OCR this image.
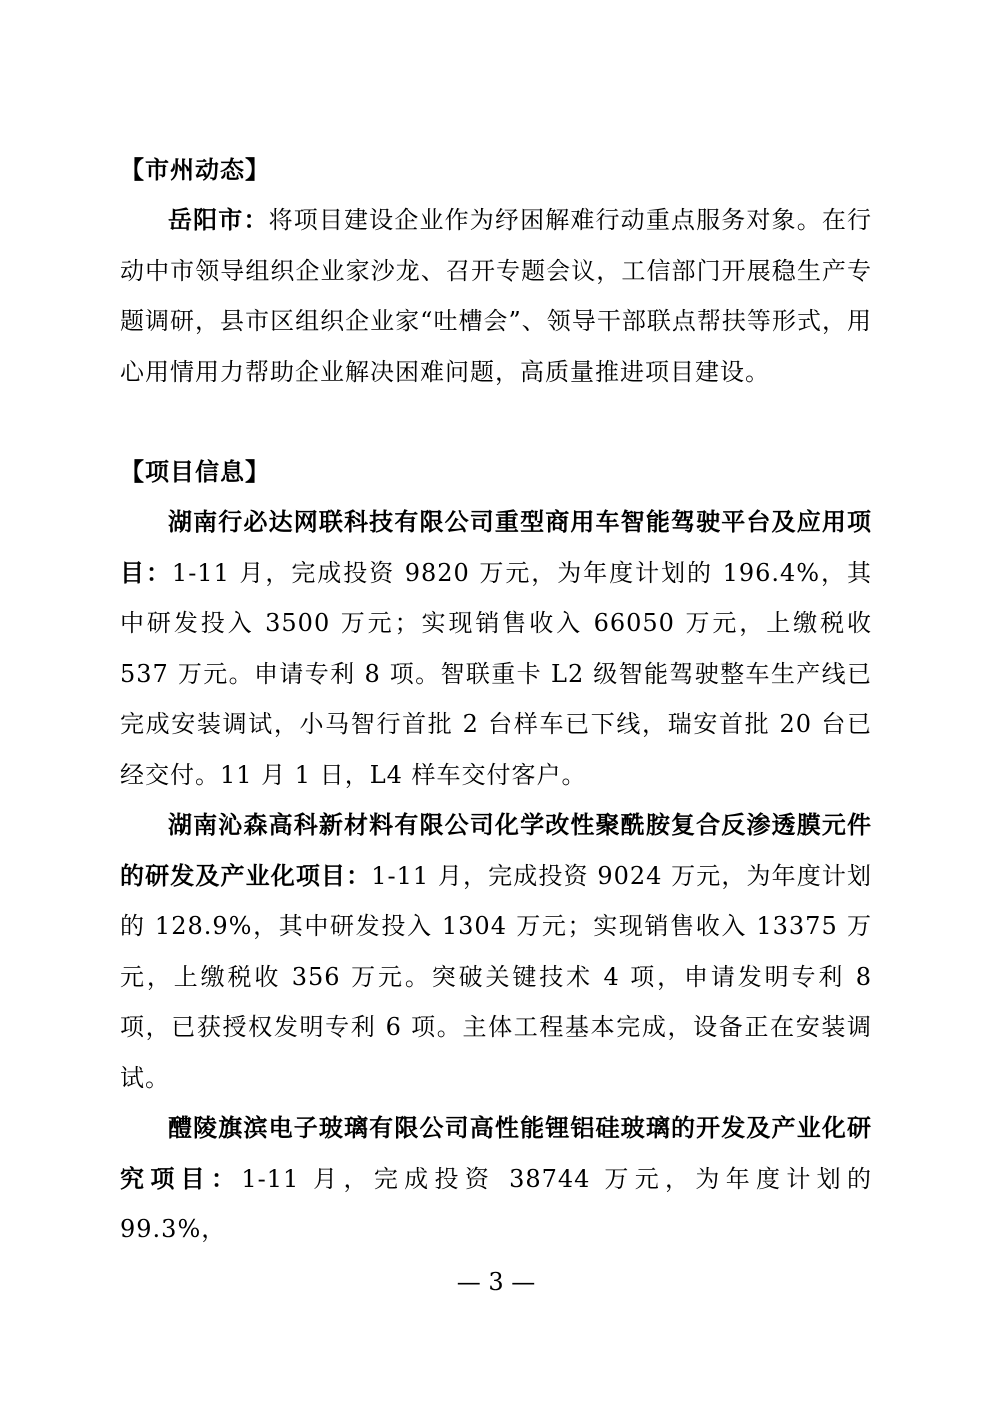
【市州动态】

岳阳市：将项目建设企业作为纾困解难行动重点服务对象。在行动中市领导组织企业家沙龙、召开专题会议，工信部门开展稳生产专题调研，县市区组织企业家“吐槽会”、领导干部联点帮扶等形式，用心用情用力帮助企业解决困难问题，高质量推进项目建设。

【项目信息】

湖南行必达网联科技有限公司重型商用车智能驾驶平台及应用项目：1-11 月，完成投资 9820 万元，为年度计划的 196.4%，其中研发投入 3500 万元；实现销售收入 66050 万元，上缴税收 537 万元。申请专利 8 项。智联重卡 L2 级智能驾驶整车生产线已完成安装调试，小马智行首批 2 台样车已下线，瑞安首批 20 台已经交付。11 月 1 日，L4 样车交付客户。

湖南沁森高科新材料有限公司化学改性聚酰胺复合反渗透膜元件的研发及产业化项目：1-11 月，完成投资 9024 万元，为年度计划的 128.9%，其中研发投入 1304 万元；实现销售收入 13375 万元，上缴税收 356 万元。突破关键技术 4 项，申请发明专利 8 项，已获授权发明专利 6 项。主体工程基本完成，设备正在安装调试。

醴陵旗滨电子玻璃有限公司高性能锂铝硅玻璃的开发及产业化研究项目：1-11 月，完成投资 38744 万元，为年度计划的 99.3%，

— 3 —
